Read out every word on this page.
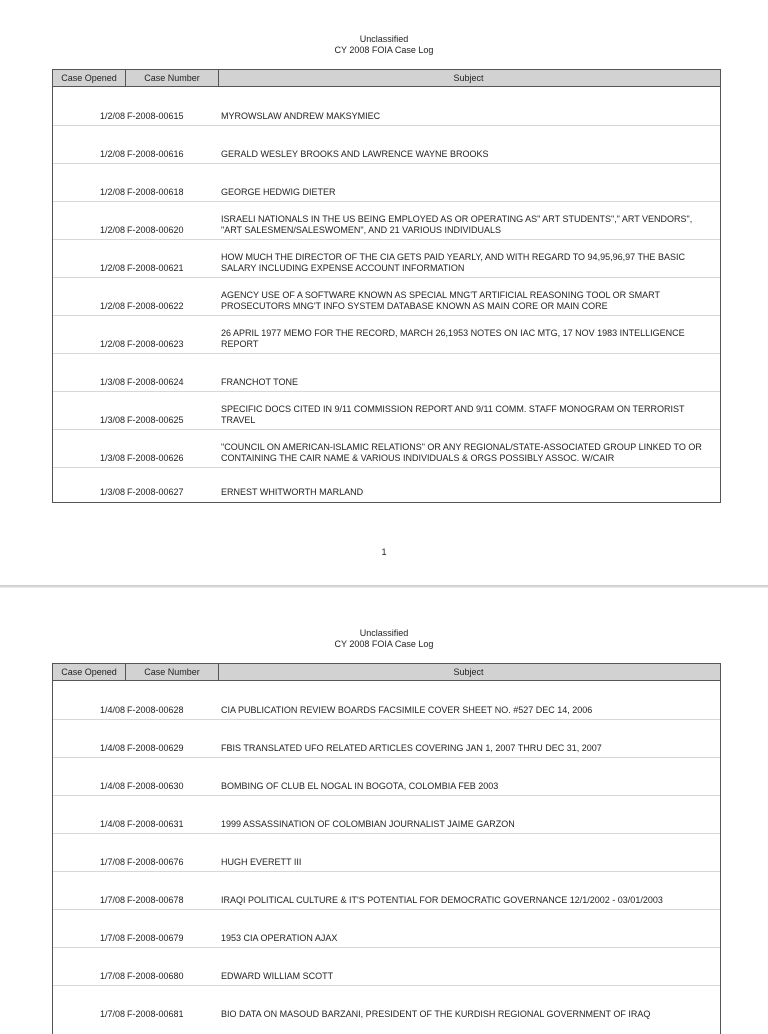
Unclassified
CY 2008 FOIA Case Log
Case Opened	Case Number	Subject
1/2/08 F-2008-00615	MYROWSLAW ANDREW MAKSYMIEC
1/2/08 F-2008-00616	GERALD WESLEY BROOKS AND LAWRENCE WAYNE BROOKS
1/2/08 F-2008-00618	GEORGE HEDWIG DIETER
1/2/08 F-2008-00620
ISRAELI NATIONALS IN THE US BEING EMPLOYED AS OR OPERATING AS" ART STUDENTS"," ART VENDORS", "ART SALESMEN/SALESWOMEN", AND 21 VARIOUS INDIVIDUALS
1/2/08 F-2008-00621
HOW MUCH THE DIRECTOR OF THE CIA GETS PAID YEARLY, AND WITH REGARD TO 94,95,96,97 THE BASIC SALARY INCLUDING EXPENSE ACCOUNT INFORMATION
1/2/08 F-2008-00622
AGENCY USE OF A SOFTWARE KNOWN AS SPECIAL MNG'T ARTIFICIAL REASONING TOOL OR SMART PROSECUTORS MNG'T INFO SYSTEM DATABASE KNOWN AS MAIN CORE OR MAIN CORE
1/2/08 F-2008-00623
26 APRIL 1977 MEMO FOR THE RECORD, MARCH 26,1953 NOTES ON IAC MTG, 17 NOV 1983 INTELLIGENCE REPORT
1/3/08 F-2008-00624	FRANCHOT TONE
1/3/08 F-2008-00625
SPECIFIC DOCS CITED IN 9/11 COMMISSION REPORT AND 9/11 COMM. STAFF MONOGRAM ON TERRORIST TRAVEL
1/3/08 F-2008-00626
"COUNCIL ON AMERICAN-ISLAMIC RELATIONS" OR ANY REGIONAL/STATE-ASSOCIATED GROUP LINKED TO OR CONTAINING THE CAIR NAME & VARIOUS INDIVIDUALS & ORGS POSSIBLY ASSOC. W/CAIR
1/3/08 F-2008-00627	ERNEST WHITWORTH MARLAND
1
Unclassified
CY 2008 FOIA Case Log
Case Opened	Case Number	Subject
1/4/08 F-2008-00628	CIA PUBLICATION REVIEW BOARDS FACSIMILE COVER SHEET NO. #527 DEC 14, 2006
1/4/08 F-2008-00629	FBIS TRANSLATED UFO RELATED ARTICLES COVERING JAN 1, 2007 THRU DEC 31, 2007
1/4/08 F-2008-00630	BOMBING OF CLUB EL NOGAL IN BOGOTA, COLOMBIA FEB 2003
1/4/08 F-2008-00631	1999 ASSASSINATION OF COLOMBIAN JOURNALIST JAIME GARZON
1/7/08 F-2008-00676	HUGH EVERETT III
1/7/08 F-2008-00678	IRAQI POLITICAL CULTURE & IT'S POTENTIAL FOR DEMOCRATIC GOVERNANCE 12/1/2002 - 03/01/2003
1/7/08 F-2008-00679	1953 CIA OPERATION AJAX
1/7/08 F-2008-00680	EDWARD WILLIAM SCOTT
1/7/08 F-2008-00681	BIO DATA ON MASOUD BARZANI, PRESIDENT OF THE KURDISH REGIONAL GOVERNMENT OF IRAQ
